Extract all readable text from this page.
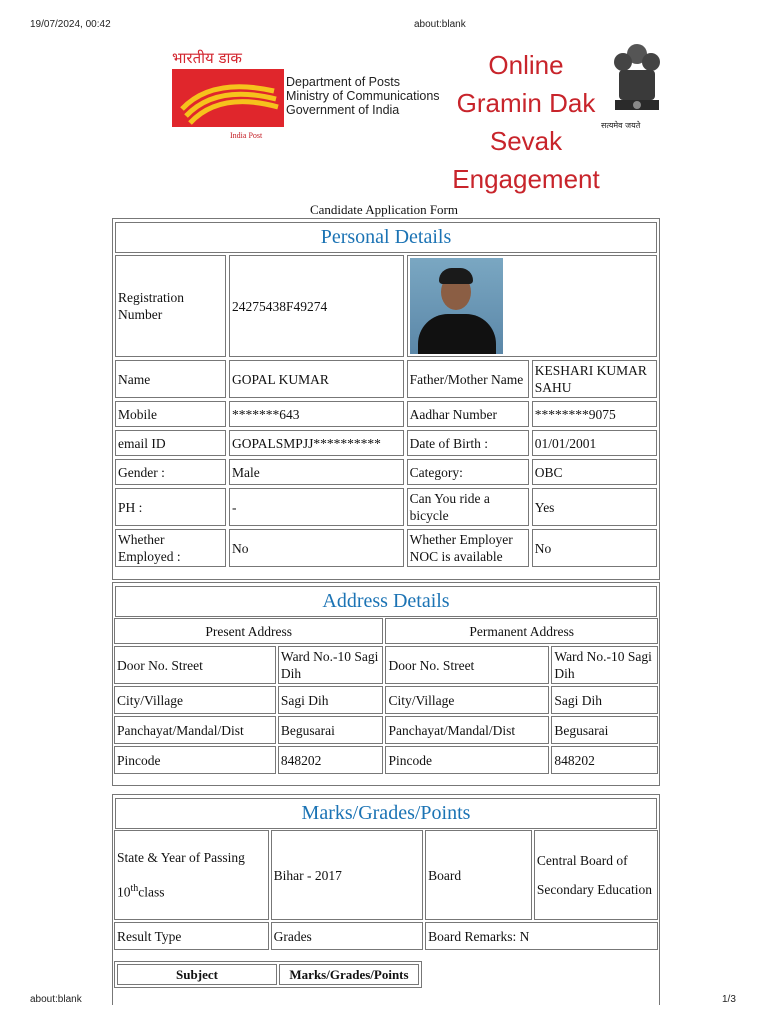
19/07/2024, 00:42	about:blank
about:blank	1/3
भारतीय डाक
India Post
Department of Posts
Ministry of Communications
Government of India
Online
Gramin Dak
Sevak
Engagement
सत्यमेव जयते
Candidate Application Form
Personal Details
Registration Number	24275438F49274		

Name	GOPAL KUMAR	Father/Mother Name	KESHARI KUMAR SAHU
Mobile	*******643	Aadhar Number	********9075
email ID	GOPALSMPJJ**********	Date of Birth :	01/01/2001
Gender :	Male	Category:	OBC
PH :	-	Can You ride a bicycle	Yes
Whether Employed :	No	Whether Employer NOC is available	No
Address Details
Present Address		Permanent Address	
Door No. Street	Ward No.-10 Sagi Dih	Door No. Street	Ward No.-10 Sagi Dih
City/Village	Sagi Dih	City/Village	Sagi Dih
Panchayat/Mandal/Dist	Begusarai	Panchayat/Mandal/Dist	Begusarai
Pincode	848202	Pincode	848202
Marks/Grades/Points
State & Year of Passing
10thclass	Bihar - 2017	Board	Central Board of Secondary Education
Result Type	Grades	Board Remarks: N	
Subject	Marks/Grades/Points
